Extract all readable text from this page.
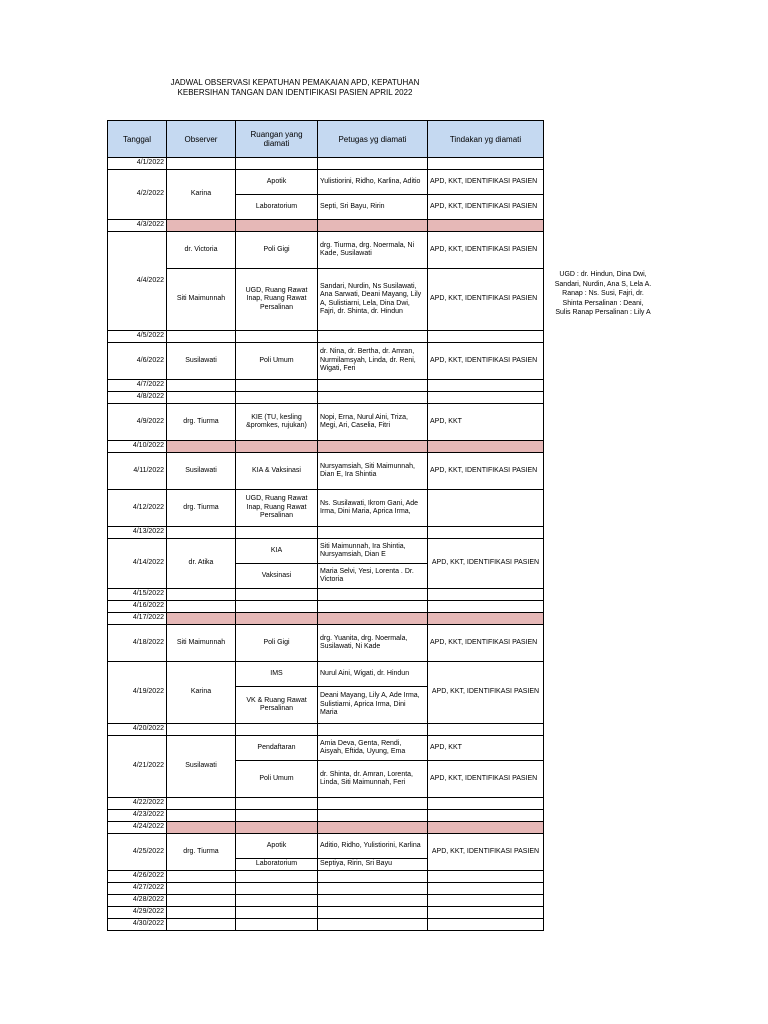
JADWAL OBSERVASI KEPATUHAN PEMAKAIAN APD, KEPATUHAN
KEBERSIHAN TANGAN DAN IDENTIFIKASI PASIEN APRIL 2022
Tanggal	Observer	Ruangan yang diamati	Petugas yg diamati	Tindakan yg diamati
4/1/2022				
4/2/2022	Karina	Apotik	Yulistiorini, Ridho, Karlina, Aditio	APD, KKT, IDENTIFIKASI PASIEN
		Laboratorium	Septi, Sri Bayu, Ririn	APD, KKT, IDENTIFIKASI PASIEN
4/3/2022				
4/4/2022	dr. Victoria	Poli Gigi	drg. Tiurma, drg. Noermala, Ni Kade, Susilawati	APD, KKT, IDENTIFIKASI PASIEN
	Siti Maimunnah	UGD, Ruang Rawat Inap, Ruang Rawat Persalinan	Sandari, Nurdin, Ns Susilawati, Ana Sarwati, Deani Mayang, Lily A, Sulistiarni, Lela, Dina Dwi, Fajri, dr. Shinta, dr. Hindun	APD, KKT, IDENTIFIKASI PASIEN
4/5/2022				
4/6/2022	Susilawati	Poli Umum	dr. Nina, dr. Bertha, dr. Amran, Nurmilamsyah, Linda, dr. Reni, Wigati, Feri	APD, KKT, IDENTIFIKASI PASIEN
4/7/2022				
4/8/2022				
4/9/2022	drg. Tiurma	KIE (TU, kesling &promkes, rujukan)	Nopi, Erna, Nurul Aini, Triza, Megi, Ari, Caselia, Fitri	APD, KKT
4/10/2022				
4/11/2022	Susilawati	KIA & Vaksinasi	Nursyamsiah, Siti Maimunnah, Dian E, Ira Shintia	APD, KKT, IDENTIFIKASI PASIEN
4/12/2022	drg. Tiurma	UGD, Ruang Rawat Inap, Ruang Rawat Persalinan	Ns. Susilawati, Ikrom Gani, Ade Irma, Dini Maria, Aprica Irma,	
4/13/2022				
4/14/2022	dr. Atika	KIA	Siti Maimunnah, Ira Shintia, Nursyamsiah, Dian E	APD, KKT, IDENTIFIKASI PASIEN
		Vaksinasi	Maria Selvi, Yesi, Lorenta . Dr. Victoria	
4/15/2022				
4/16/2022				
4/17/2022				
4/18/2022	Siti Maimunnah	Poli Gigi	drg. Yuanita, drg. Noermala, Susilawati, Ni Kade	APD, KKT, IDENTIFIKASI PASIEN
4/19/2022	Karina	IMS	Nurul Aini, Wigati, dr. Hindun	APD, KKT, IDENTIFIKASI PASIEN
		VK & Ruang Rawat Persalinan	Deani Mayang, Lily A, Ade Irma, Sulistiarni, Aprica Irma, Dini Maria	
4/20/2022				
4/21/2022	Susilawati	Pendaftaran	Amia Deva, Genta, Rendi, Aisyah, Eftida, Uyung, Ema	APD, KKT
		Poli Umum	dr. Shinta, dr. Amran, Lorenta, Linda, Siti Maimunnah, Feri	APD, KKT, IDENTIFIKASI PASIEN
4/22/2022				
4/23/2022				
4/24/2022				
4/25/2022	drg. Tiurma	Apotik	Aditio, Ridho, Yulistiorini, Karlina	APD, KKT, IDENTIFIKASI PASIEN
		Laboratorium	Septiya, Ririn, Sri Bayu	
4/26/2022				
4/27/2022				
4/28/2022				
4/29/2022				
4/30/2022				
UGD : dr. Hindun, Dina Dwi,
Sandari, Nurdin, Ana S, Lela A.
Ranap : Ns. Susi, Fajri, dr.
Shinta Persalinan : Deani,
Sulis Ranap Persalinan : Lily A
